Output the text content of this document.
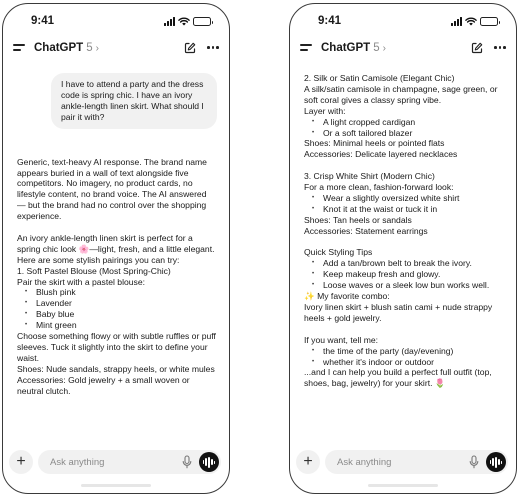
9:41
ChatGPT 5 ›
I have to attend a party and the dress code is spring chic. I have an ivory ankle-length linen skirt. What should I pair it with?
Generic, text-heavy AI response. The brand name appears buried in a wall of text alongside five competitors. No imagery, no product cards, no lifestyle content, no brand voice. The AI answered — but the brand had no control over the shopping experience.
An ivory ankle-length linen skirt is perfect for a spring chic look 🌸—light, fresh, and a little elegant. Here are some stylish pairings you can try:
1. Soft Pastel Blouse (Most Spring-Chic)
Pair the skirt with a pastel blouse:
• Blush pink
• Lavender
• Baby blue
• Mint green
Choose something flowy or with subtle ruffles or puff sleeves. Tuck it slightly into the skirt to define your waist.
Shoes: Nude sandals, strappy heels, or white mules
Accessories: Gold jewelry + a small woven or neutral clutch.
+
Ask anything
9:41
ChatGPT 5 ›
2. Silk or Satin Camisole (Elegant Chic)
A silk/satin camisole in champagne, sage green, or soft coral gives a classy spring vibe.
Layer with:
• A light cropped cardigan
• Or a soft tailored blazer
Shoes: Minimal heels or pointed flats
Accessories: Delicate layered necklaces
3. Crisp White Shirt (Modern Chic)
For a more clean, fashion-forward look:
• Wear a slightly oversized white shirt
• Knot it at the waist or tuck it in
Shoes: Tan heels or sandals
Accessories: Statement earrings
Quick Styling Tips
• Add a tan/brown belt to break the ivory.
• Keep makeup fresh and glowy.
• Loose waves or a sleek low bun works well.
✨ My favorite combo:
Ivory linen skirt + blush satin cami + nude strappy heels + gold jewelry.
If you want, tell me:
• the time of the party (day/evening)
• whether it's indoor or outdoor
...and I can help you build a perfect full outfit (top, shoes, bag, jewelry) for your skirt. 🌷
+
Ask anything
